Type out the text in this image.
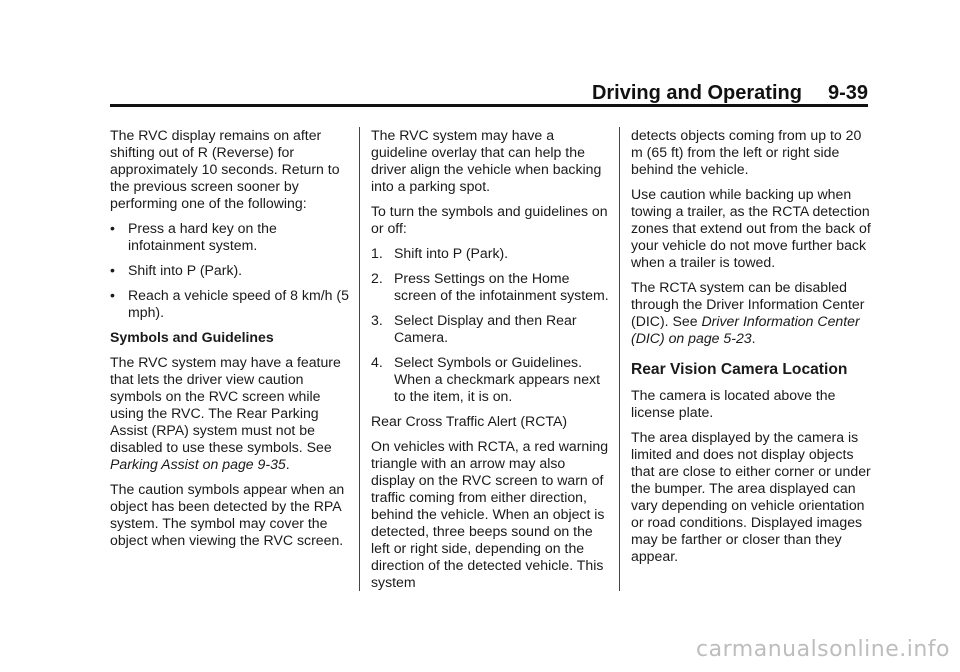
Driving and Operating 9-39

The RVC display remains on after shifting out of R (Reverse) for approximately 10 seconds. Return to the previous screen sooner by performing one of the following:

• Press a hard key on the infotainment system.
• Shift into P (Park).
• Reach a vehicle speed of 8 km/h (5 mph).

Symbols and Guidelines

The RVC system may have a feature that lets the driver view caution symbols on the RVC screen while using the RVC. The Rear Parking Assist (RPA) system must not be disabled to use these symbols. See Parking Assist on page 9-35.

The caution symbols appear when an object has been detected by the RPA system. The symbol may cover the object when viewing the RVC screen.

The RVC system may have a guideline overlay that can help the driver align the vehicle when backing into a parking spot.

To turn the symbols and guidelines on or off:

1. Shift into P (Park).
2. Press Settings on the Home screen of the infotainment system.
3. Select Display and then Rear Camera.
4. Select Symbols or Guidelines. When a checkmark appears next to the item, it is on.

Rear Cross Traffic Alert (RCTA)

On vehicles with RCTA, a red warning triangle with an arrow may also display on the RVC screen to warn of traffic coming from either direction, behind the vehicle. When an object is detected, three beeps sound on the left or right side, depending on the direction of the detected vehicle. This system

detects objects coming from up to 20 m (65 ft) from the left or right side behind the vehicle.

Use caution while backing up when towing a trailer, as the RCTA detection zones that extend out from the back of your vehicle do not move further back when a trailer is towed.

The RCTA system can be disabled through the Driver Information Center (DIC). See Driver Information Center (DIC) on page 5-23.

Rear Vision Camera Location

The camera is located above the license plate.

The area displayed by the camera is limited and does not display objects that are close to either corner or under the bumper. The area displayed can vary depending on vehicle orientation or road conditions. Displayed images may be farther or closer than they appear.

carmanualsonline.info
